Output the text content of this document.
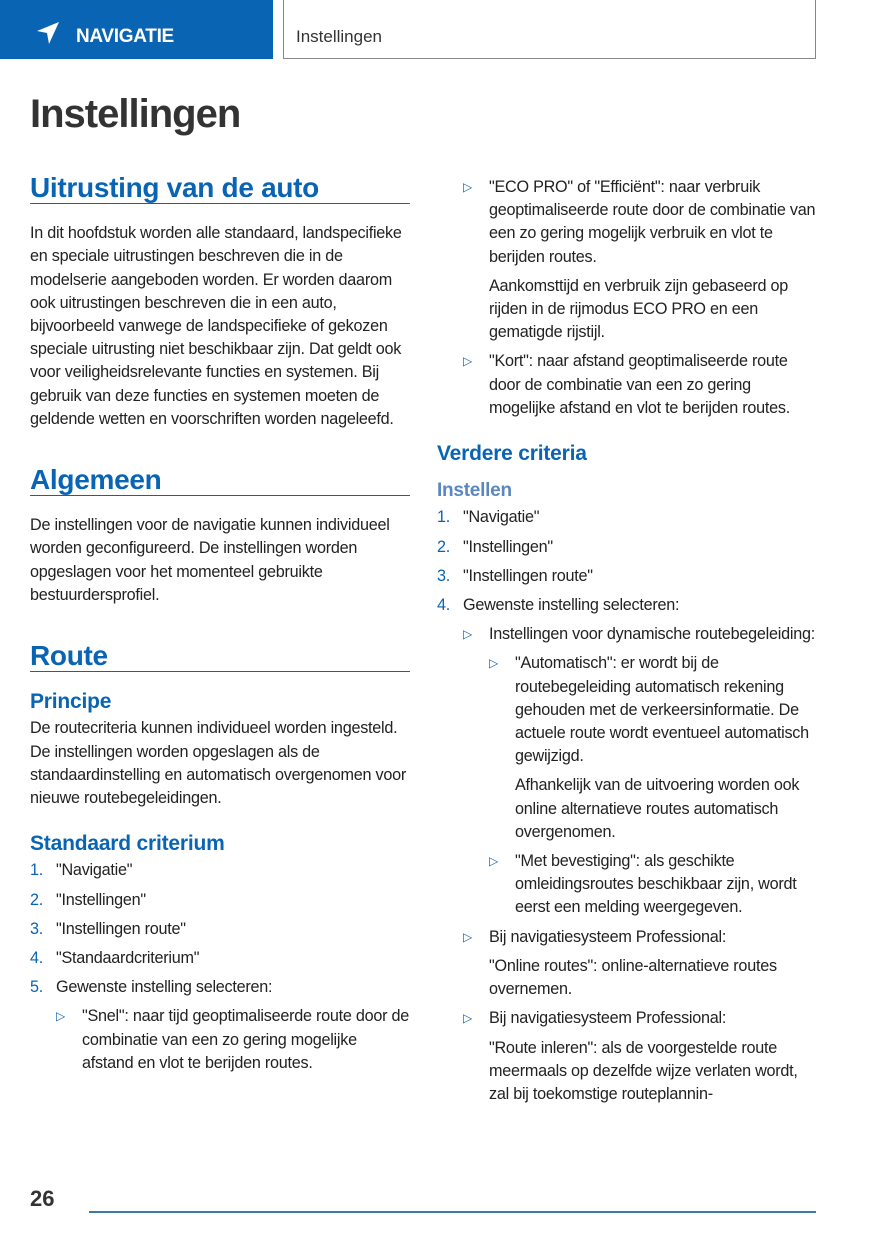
NAVIGATIE	Instellingen
Instellingen
Uitrusting van de auto

In dit hoofdstuk worden alle standaard, landspecifieke en speciale uitrustingen beschreven die in de modelserie aangeboden worden. Er worden daarom ook uitrustingen beschreven die in een auto, bijvoorbeeld vanwege de landspecifieke of gekozen speciale uitrusting niet beschikbaar zijn. Dat geldt ook voor veiligheidsrelevante functies en systemen. Bij gebruik van deze functies en systemen moeten de geldende wetten en voorschriften worden nageleefd.

Algemeen

De instellingen voor de navigatie kunnen individueel worden geconfigureerd. De instellingen worden opgeslagen voor het momenteel gebruikte bestuurdersprofiel.

Route
Principe

De routecriteria kunnen individueel worden ingesteld. De instellingen worden opgeslagen als de standaardinstelling en automatisch overgenomen voor nieuwe routebegeleidingen.

Standaard criterium
1. "Navigatie"
2. "Instellingen"
3. "Instellingen route"
4. "Standaardcriterium"
5. Gewenste instelling selecteren:
▷ "Snel": naar tijd geoptimaliseerde route door de combinatie van een zo gering mogelijke afstand en vlot te berijden routes.
▷ "ECO PRO" of "Efficiënt": naar verbruik geoptimaliseerde route door de combinatie van een zo gering mogelijk verbruik en vlot te berijden routes.

Aankomsttijd en verbruik zijn gebaseerd op rijden in de rijmodus ECO PRO en een gematigde rijstijl.

▷ "Kort": naar afstand geoptimaliseerde route door de combinatie van een zo gering mogelijke afstand en vlot te berijden routes.
Verdere criteria
Instellen
1. "Navigatie"
2. "Instellingen"
3. "Instellingen route"
4. Gewenste instelling selecteren:
▷ Instellingen voor dynamische routebegeleiding:
▷ "Automatisch": er wordt bij de routebegeleiding automatisch rekening gehouden met de verkeersinformatie. De actuele route wordt eventueel automatisch gewijzigd.

Afhankelijk van de uitvoering worden ook online alternatieve routes automatisch overgenomen.

▷ "Met bevestiging": als geschikte omleidingsroutes beschikbaar zijn, wordt eerst een melding weergegeven.
▷ Bij navigatiesysteem Professional:

"Online routes": online-alternatieve routes overnemen.

▷ Bij navigatiesysteem Professional:

"Route inleren": als de voorgestelde route meermaals op dezelfde wijze verlaten wordt, zal bij toekomstige routeplannin-

26
